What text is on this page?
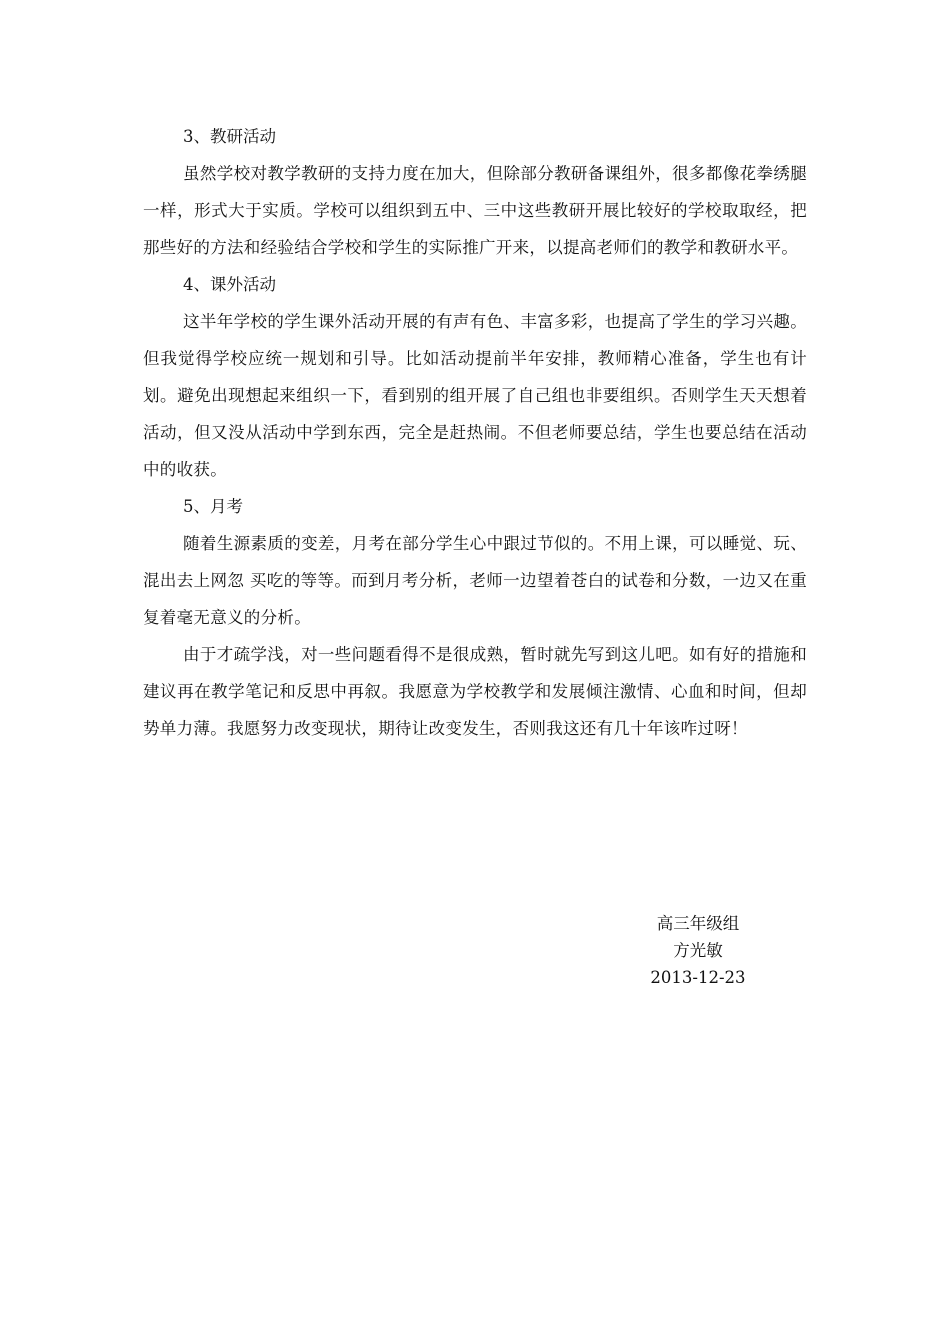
3、教研活动

虽然学校对教学教研的支持力度在加大，但除部分教研备课组外，很多都像花拳绣腿一样，形式大于实质。学校可以组织到五中、三中这些教研开展比较好的学校取取经，把那些好的方法和经验结合学校和学生的实际推广开来，以提高老师们的教学和教研水平。

4、课外活动

这半年学校的学生课外活动开展的有声有色、丰富多彩，也提高了学生的学习兴趣。但我觉得学校应统一规划和引导。比如活动提前半年安排，教师精心准备，学生也有计划。避免出现想起来组织一下，看到别的组开展了自己组也非要组织。否则学生天天想着活动，但又没从活动中学到东西，完全是赶热闹。不但老师要总结，学生也要总结在活动中的收获。

5、月考

随着生源素质的变差，月考在部分学生心中跟过节似的。不用上课，可以睡觉、玩、混出去上网忽 买吃的等等。而到月考分析，老师一边望着苍白的试卷和分数，一边又在重复着毫无意义的分析。

由于才疏学浅，对一些问题看得不是很成熟，暂时就先写到这儿吧。如有好的措施和建议再在教学笔记和反思中再叙。我愿意为学校教学和发展倾注激情、心血和时间，但却势单力薄。我愿努力改变现状，期待让改变发生，否则我这还有几十年该咋过呀！

高三年级组
方光敏
2013-12-23
